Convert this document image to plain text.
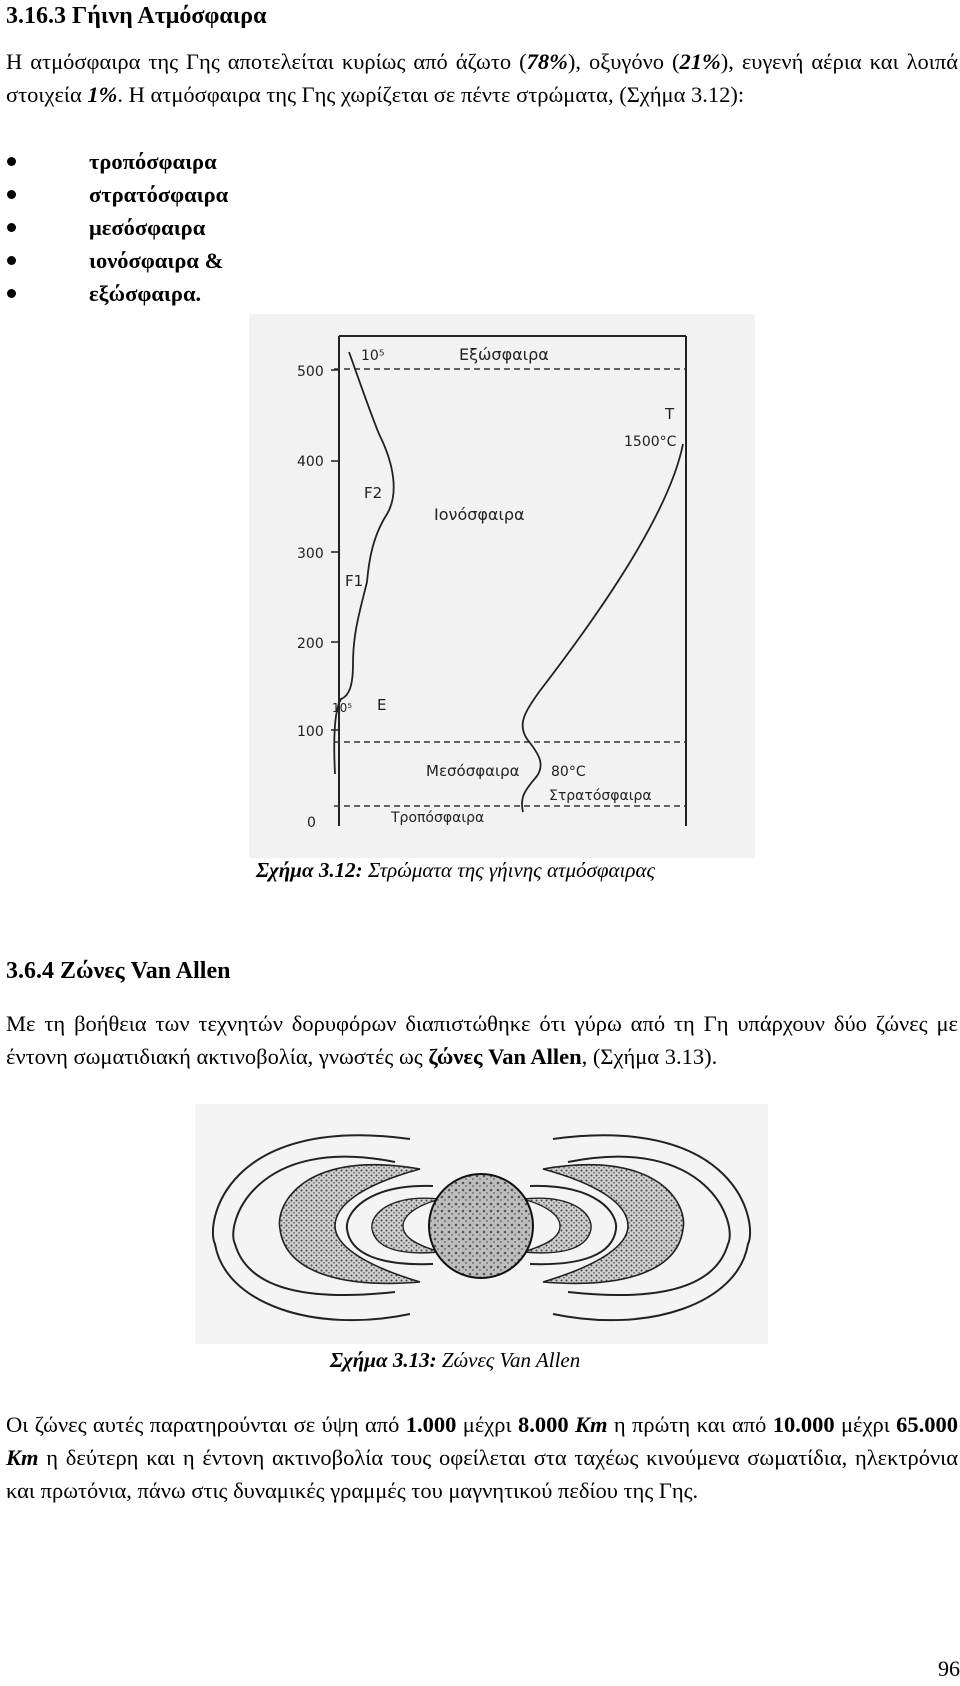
3.16.3 Γήινη Ατμόσφαιρα
Η ατμόσφαιρα της Γης αποτελείται κυρίως από άζωτο (78%), οξυγόνο (21%), ευγενή αέρια και λοιπά στοιχεία 1%. Η ατμόσφαιρα της Γης χωρίζεται σε πέντε στρώματα, (Σχήμα 3.12):
τροπόσφαιρα
στρατόσφαιρα
μεσόσφαιρα
ιονόσφαιρα &
εξώσφαιρα.
500
400
300
200
100
0
10⁵	Εξώσφαιρα
T
1500°C
F2
Ιονόσφαιρα
F1
10⁵ E
Μεσόσφαιρα 80°C
Στρατόσφαιρα
Τροπόσφαιρα
Σχήμα 3.12: Στρώματα της γήινης ατμόσφαιρας
3.6.4 Ζώνες Van Allen
Με τη βοήθεια των τεχνητών δορυφόρων διαπιστώθηκε ότι γύρω από τη Γη υπάρχουν δύο ζώνες με έντονη σωματιδιακή ακτινοβολία, γνωστές ως ζώνες Van Allen, (Σχήμα 3.13).
Σχήμα 3.13: Ζώνες Van Allen
Οι ζώνες αυτές παρατηρούνται σε ύψη από 1.000 μέχρι 8.000 Km η πρώτη και από 10.000 μέχρι 65.000 Km η δεύτερη και η έντονη ακτινοβολία τους οφείλεται στα ταχέως κινούμενα σωματίδια, ηλεκτρόνια και πρωτόνια, πάνω στις δυναμικές γραμμές του μαγνητικού πεδίου της Γης.
96
